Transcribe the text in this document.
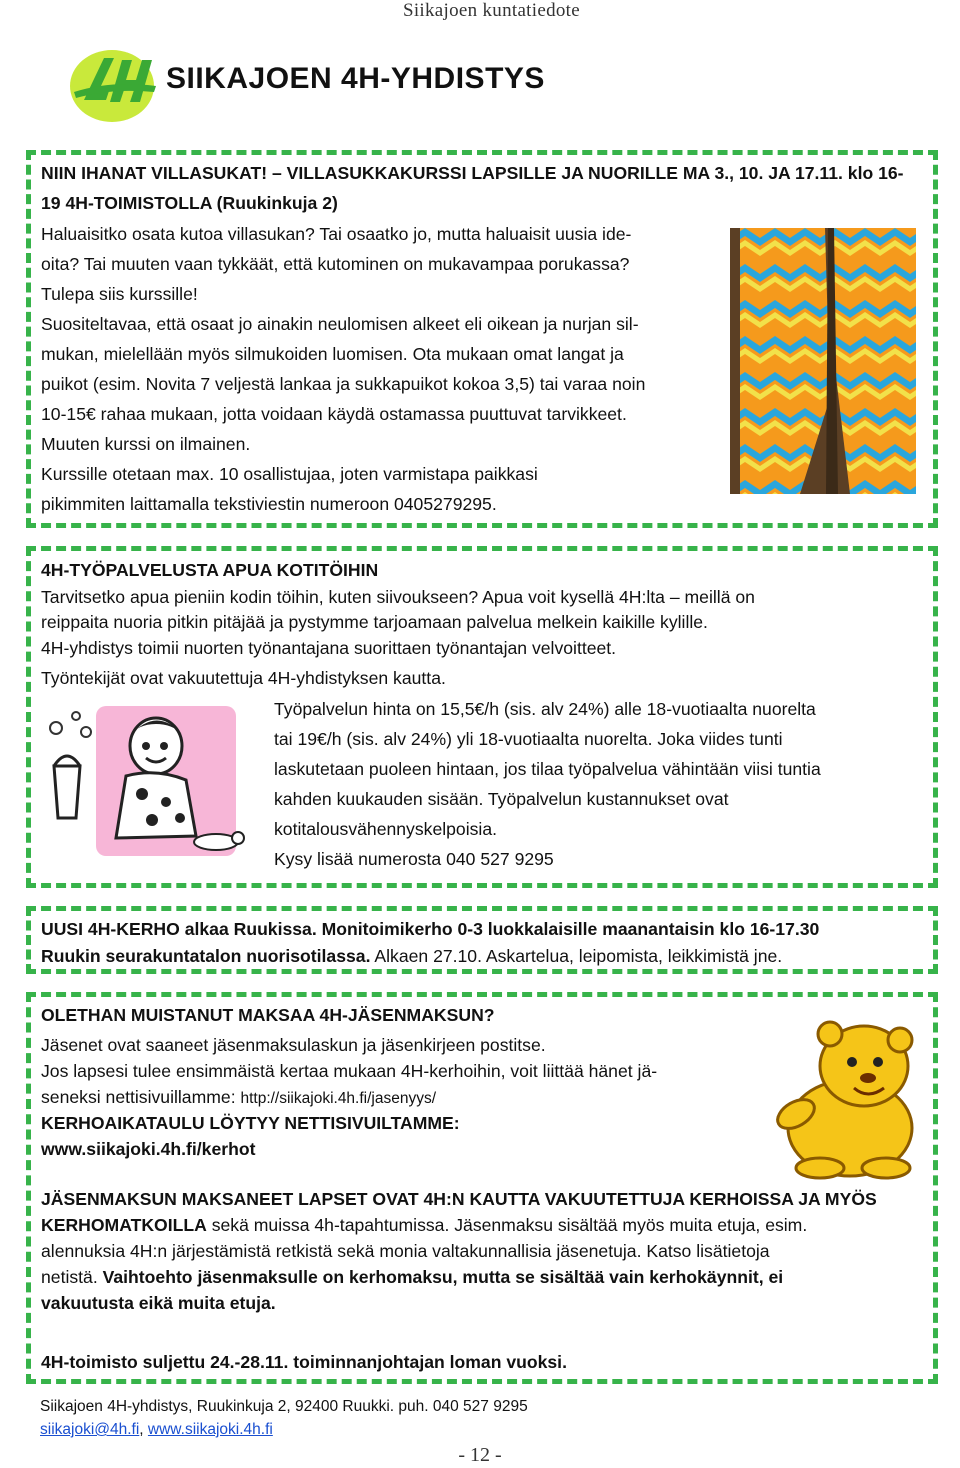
Siikajoen kuntatiedote
SIIKAJOEN 4H-YHDISTYS
NIIN IHANAT VILLASUKAT! – VILLASUKKAKURSSI LAPSILLE JA NUORILLE MA 3., 10. JA 17.11. klo 16-
19 4H-TOIMISTOLLA (Ruukinkuja 2)
Haluaisitko osata kutoa villasukan? Tai osaatko jo, mutta haluaisit uusia ide-
oita? Tai muuten vaan tykkäät, että kutominen on mukavampaa porukassa?
Tulepa siis kurssille!
Suositeltavaa, että osaat jo ainakin neulomisen alkeet eli oikean ja nurjan sil-
mukan, mielellään myös silmukoiden luomisen. Ota mukaan omat langat ja
puikot (esim. Novita 7 veljestä lankaa ja sukkapuikot kokoa 3,5) tai varaa noin
10-15€ rahaa mukaan, jotta voidaan käydä ostamassa puuttuvat tarvikkeet.
Muuten kurssi on ilmainen.
Kurssille otetaan max. 10 osallistujaa, joten varmistapa paikkasi
pikimmiten laittamalla tekstiviestin numeroon 0405279295.
4H-TYÖPALVELUSTA APUA KOTITÖIHIN
Tarvitsetko apua pieniin kodin töihin, kuten siivoukseen? Apua voit kysellä 4H:lta – meillä on
reippaita nuoria pitkin pitäjää ja pystymme tarjoamaan palvelua melkein kaikille kylille.
4H-yhdistys toimii nuorten työnantajana suorittaen työnantajan velvoitteet.
Työntekijät ovat vakuutettuja 4H-yhdistyksen kautta.
Työpalvelun hinta on 15,5€/h (sis. alv 24%) alle 18-vuotiaalta nuorelta
tai 19€/h (sis. alv 24%) yli 18-vuotiaalta nuorelta. Joka viides tunti
laskutetaan puoleen hintaan, jos tilaa työpalvelua vähintään viisi tuntia
kahden kuukauden sisään. Työpalvelun kustannukset ovat
kotitalousvähennyskelpoisia.
Kysy lisää numerosta 040 527 9295
UUSI 4H-KERHO alkaa Ruukissa. Monitoimikerho 0-3 luokkalaisille maanantaisin klo 16-17.30
Ruukin seurakuntatalon nuorisotilassa. Alkaen 27.10. Askartelua, leipomista, leikkimistä jne.
OLETHAN MUISTANUT MAKSAA 4H-JÄSENMAKSUN?
Jäsenet ovat saaneet jäsenmaksulaskun ja jäsenkirjeen postitse.
Jos lapsesi tulee ensimmäistä kertaa mukaan 4H-kerhoihin, voit liittää hänet jä-
seneksi nettisivuillamme: http://siikajoki.4h.fi/jasenyys/
KERHOAIKATAULU LÖYTYY NETTISIVUILTAMME:
www.siikajoki.4h.fi/kerhot
JÄSENMAKSUN MAKSANEET LAPSET OVAT 4H:N KAUTTA VAKUUTETTUJA KERHOISSA JA MYÖS
KERHOMATKOILLA sekä muissa 4h-tapahtumissa. Jäsenmaksu sisältää myös muita etuja, esim.
alennuksia 4H:n järjestämistä retkistä sekä monia valtakunnallisia jäsenetuja. Katso lisätietoja
netistä. Vaihtoehto jäsenmaksulle on kerhomaksu, mutta se sisältää vain kerhokäynnit, ei
vakuutusta eikä muita etuja.
4H-toimisto suljettu 24.-28.11. toiminnanjohtajan loman vuoksi.
Siikajoen 4H-yhdistys, Ruukinkuja 2, 92400 Ruukki. puh. 040 527 9295
siikajoki@4h.fi, www.siikajoki.4h.fi
- 12 -
